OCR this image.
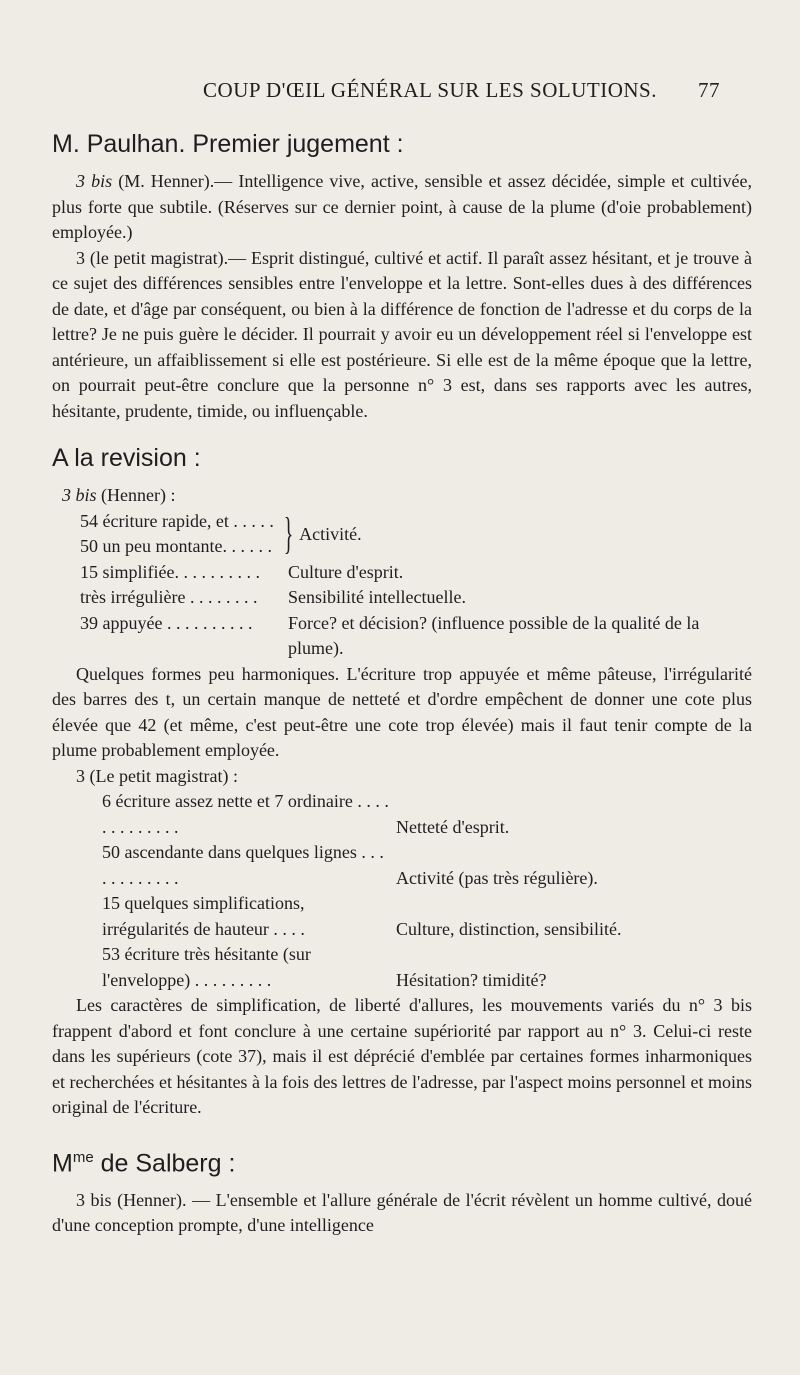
COUP D'ŒIL GÉNÉRAL SUR LES SOLUTIONS. 77
M. Paulhan. Premier jugement :

3 bis (M. Henner).— Intelligence vive, active, sensible et assez décidée, simple et cultivée, plus forte que subtile. (Réserves sur ce dernier point, à cause de la plume (d'oie probablement) employée.)

3 (le petit magistrat).— Esprit distingué, cultivé et actif. Il paraît assez hésitant, et je trouve à ce sujet des différences sensibles entre l'enveloppe et la lettre. Sont-elles dues à des différences de date, et d'âge par conséquent, ou bien à la différence de fonction de l'adresse et du corps de la lettre? Je ne puis guère le décider. Il pourrait y avoir eu un développement réel si l'enveloppe est antérieure, un affaiblissement si elle est postérieure. Si elle est de la même époque que la lettre, on pourrait peut-être conclure que la personne n° 3 est, dans ses rapports avec les autres, hésitante, prudente, timide, ou influençable.

A la revision :
3 bis (Henner) :
54 écriture rapide, et . . . . .
50 un peu montante. . . . . . } Activité.
15 simplifiée. . . . . . . . . .	Culture d'esprit.
très irrégulière . . . . . . . .	Sensibilité intellectuelle.
39 appuyée . . . . . . . . . .	Force? et décision? (influence possible de la qualité de la plume).

Quelques formes peu harmoniques. L'écriture trop appuyée et même pâteuse, l'irrégularité des barres des t, un certain manque de netteté et d'ordre empêchent de donner une cote plus élevée que 42 (et même, c'est peut-être une cote trop élevée) mais il faut tenir compte de la plume probablement employée.

3 (Le petit magistrat) :
6 écriture assez nette et 7 ordinaire . . . . . . . . . . . . .	Netteté d'esprit.
50 ascendante dans quelques lignes . . . . . . . . . . . .	Activité (pas très régulière).
15 quelques simplifications, irrégularités de hauteur . . . .	Culture, distinction, sensibilité.
53 écriture très hésitante (sur l'enveloppe) . . . . . . . . .	Hésitation? timidité?

Les caractères de simplification, de liberté d'allures, les mouvements variés du n° 3 bis frappent d'abord et font conclure à une certaine supériorité par rapport au n° 3. Celui-ci reste dans les supérieurs (cote 37), mais il est déprécié d'emblée par certaines formes inharmoniques et recherchées et hésitantes à la fois des lettres de l'adresse, par l'aspect moins personnel et moins original de l'écriture.

$M^{me}$ de Salberg :

3 bis (Henner). — L'ensemble et l'allure générale de l'écrit révèlent un homme cultivé, doué d'une conception prompte, d'une intelligence
